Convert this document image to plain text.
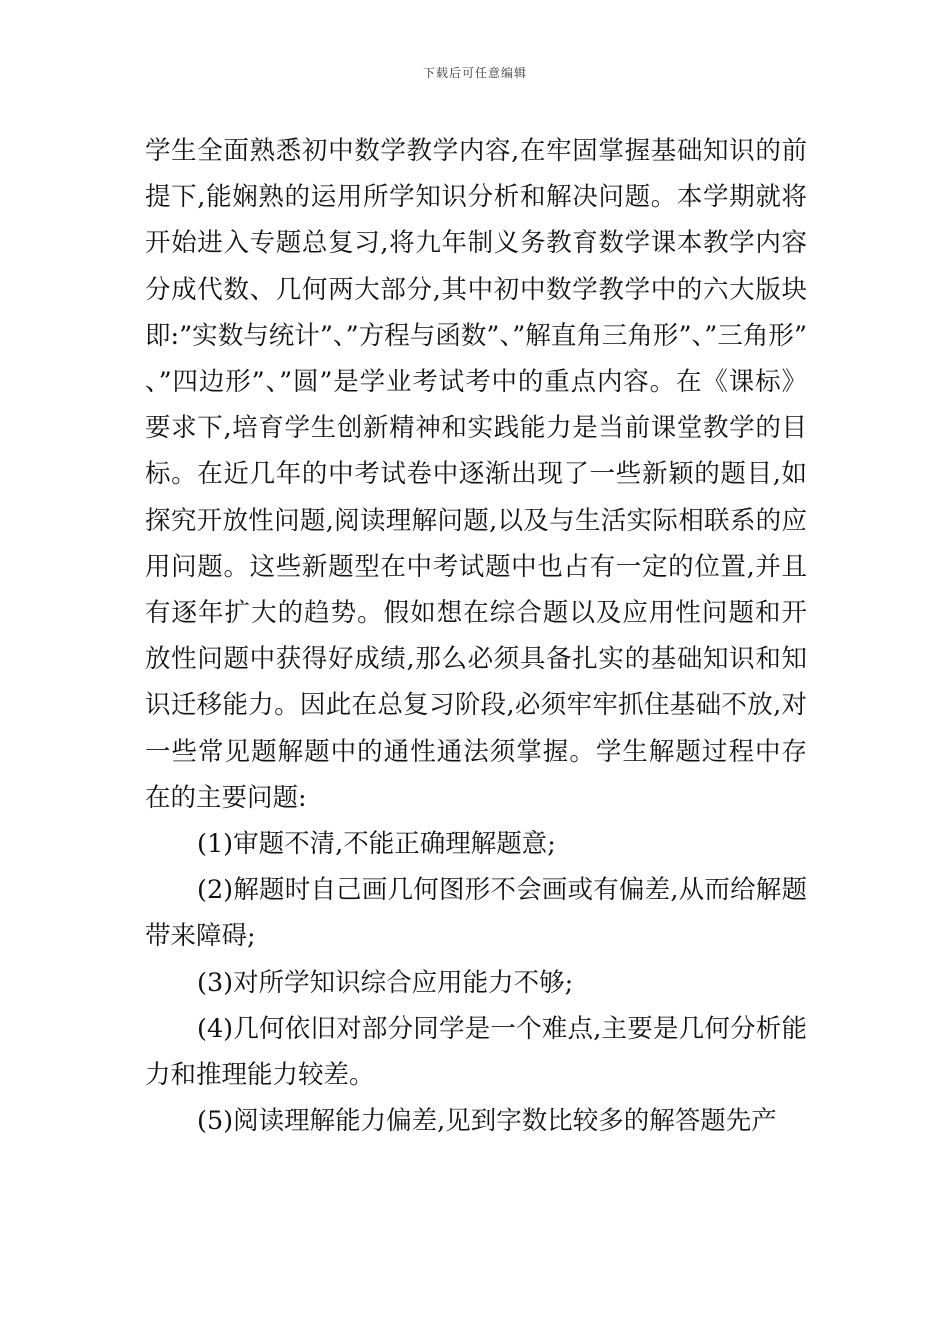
下载后可任意编辑

学生全面熟悉初中数学教学内容,在牢固掌握基础知识的前提下,能娴熟的运用所学知识分析和解决问题。本学期就将开始进入专题总复习,将九年制义务教育数学课本教学内容分成代数、几何两大部分,其中初中数学教学中的六大版块即:”实数与统计”、”方程与函数”、”解直角三角形”、”三角形”、”四边形”、”圆”是学业考试考中的重点内容。在《课标》要求下,培育学生创新精神和实践能力是当前课堂教学的目标。在近几年的中考试卷中逐渐出现了一些新颖的题目,如探究开放性问题,阅读理解问题,以及与生活实际相联系的应用问题。这些新题型在中考试题中也占有一定的位置,并且有逐年扩大的趋势。假如想在综合题以及应用性问题和开放性问题中获得好成绩,那么必须具备扎实的基础知识和知识迁移能力。因此在总复习阶段,必须牢牢抓住基础不放,对一些常见题解题中的通性通法须掌握。学生解题过程中存在的主要问题:

(1)审题不清,不能正确理解题意;

(2)解题时自己画几何图形不会画或有偏差,从而给解题带来障碍;

(3)对所学知识综合应用能力不够;

(4)几何依旧对部分同学是一个难点,主要是几何分析能力和推理能力较差。

(5)阅读理解能力偏差,见到字数比较多的解答题先产
